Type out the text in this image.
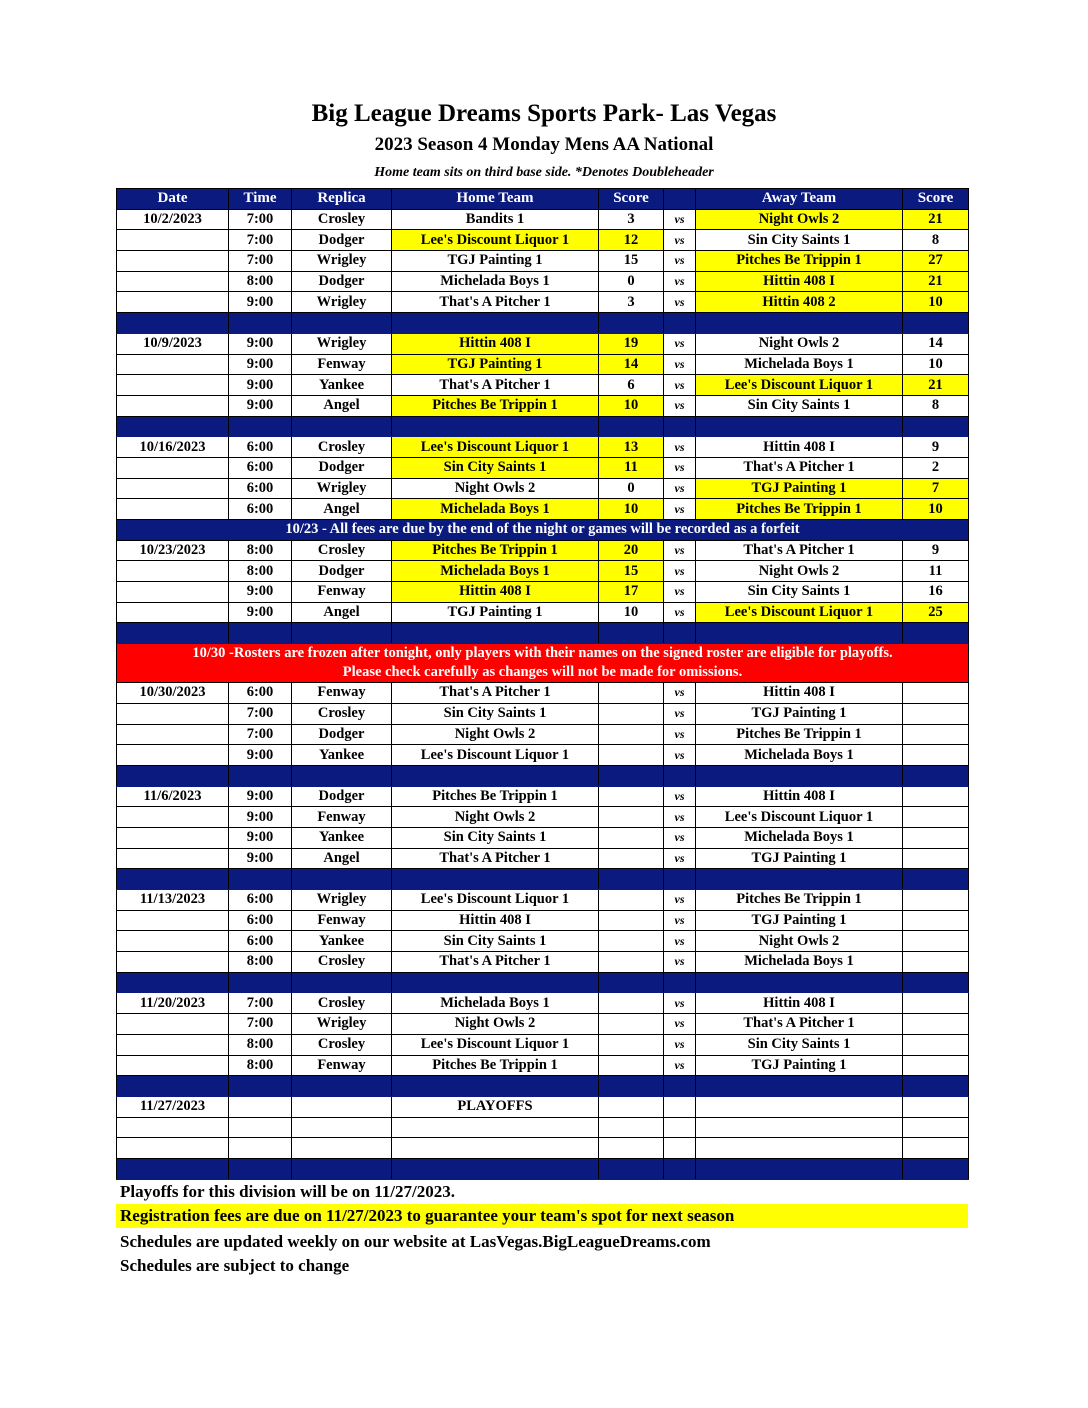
Big League Dreams Sports Park- Las Vegas
2023 Season 4 Monday Mens AA National
Home team sits on third base side. *Denotes Doubleheader
Date	Time	Replica	Home Team	Score		Away Team	Score
10/2/2023	7:00	Crosley	Bandits 1	3	vs	Night Owls 2	21
	7:00	Dodger	Lee's Discount Liquor 1	12	vs	Sin City Saints 1	8
	7:00	Wrigley	TGJ Painting 1	15	vs	Pitches Be Trippin 1	27
	8:00	Dodger	Michelada Boys 1	0	vs	Hittin 408 I	21
	9:00	Wrigley	That's A Pitcher 1	3	vs	Hittin 408 2	10

10/9/2023	9:00	Wrigley	Hittin 408 I	19	vs	Night Owls 2	14
	9:00	Fenway	TGJ Painting 1	14	vs	Michelada Boys 1	10
	9:00	Yankee	That's A Pitcher 1	6	vs	Lee's Discount Liquor 1	21
	9:00	Angel	Pitches Be Trippin 1	10	vs	Sin City Saints 1	8

10/16/2023	6:00	Crosley	Lee's Discount Liquor 1	13	vs	Hittin 408 I	9
	6:00	Dodger	Sin City Saints 1	11	vs	That's A Pitcher 1	2
	6:00	Wrigley	Night Owls 2	0	vs	TGJ Painting 1	7
	6:00	Angel	Michelada Boys 1	10	vs	Pitches Be Trippin 1	10
10/23 - All fees are due by the end of the night or games will be recorded as a forfeit							
10/23/2023	8:00	Crosley	Pitches Be Trippin 1	20	vs	That's A Pitcher 1	9
	8:00	Dodger	Michelada Boys 1	15	vs	Night Owls 2	11
	9:00	Fenway	Hittin 408 I	17	vs	Sin City Saints 1	16
	9:00	Angel	TGJ Painting 1	10	vs	Lee's Discount Liquor 1	25

10/30 -Rosters are frozen after tonight, only players with their names on the signed roster are eligible for playoffs.
Please check carefully as changes will not be made for omissions.							

10/30/2023	6:00	Fenway	That's A Pitcher 1		vs	Hittin 408 I	
	7:00	Crosley	Sin City Saints 1		vs	TGJ Painting 1	
	7:00	Dodger	Night Owls 2		vs	Pitches Be Trippin 1	
	9:00	Yankee	Lee's Discount Liquor 1		vs	Michelada Boys 1	

11/6/2023	9:00	Dodger	Pitches Be Trippin 1		vs	Hittin 408 I	
	9:00	Fenway	Night Owls 2		vs	Lee's Discount Liquor 1	
	9:00	Yankee	Sin City Saints 1		vs	Michelada Boys 1	
	9:00	Angel	That's A Pitcher 1		vs	TGJ Painting 1	

11/13/2023	6:00	Wrigley	Lee's Discount Liquor 1		vs	Pitches Be Trippin 1	
	6:00	Fenway	Hittin 408 I		vs	TGJ Painting 1	
	6:00	Yankee	Sin City Saints 1		vs	Night Owls 2	
	8:00	Crosley	That's A Pitcher 1		vs	Michelada Boys 1	

11/20/2023	7:00	Crosley	Michelada Boys 1		vs	Hittin 408 I	
	7:00	Wrigley	Night Owls 2		vs	That's A Pitcher 1	
	8:00	Crosley	Lee's Discount Liquor 1		vs	Sin City Saints 1	
	8:00	Fenway	Pitches Be Trippin 1		vs	TGJ Painting 1	

11/27/2023			PLAYOFFS				

Playoffs for this division will be on 11/27/2023.
Registration fees are due on 11/27/2023 to guarantee your team's spot for next season
Schedules are updated weekly on our website at LasVegas.BigLeagueDreams.com
Schedules are subject to change
